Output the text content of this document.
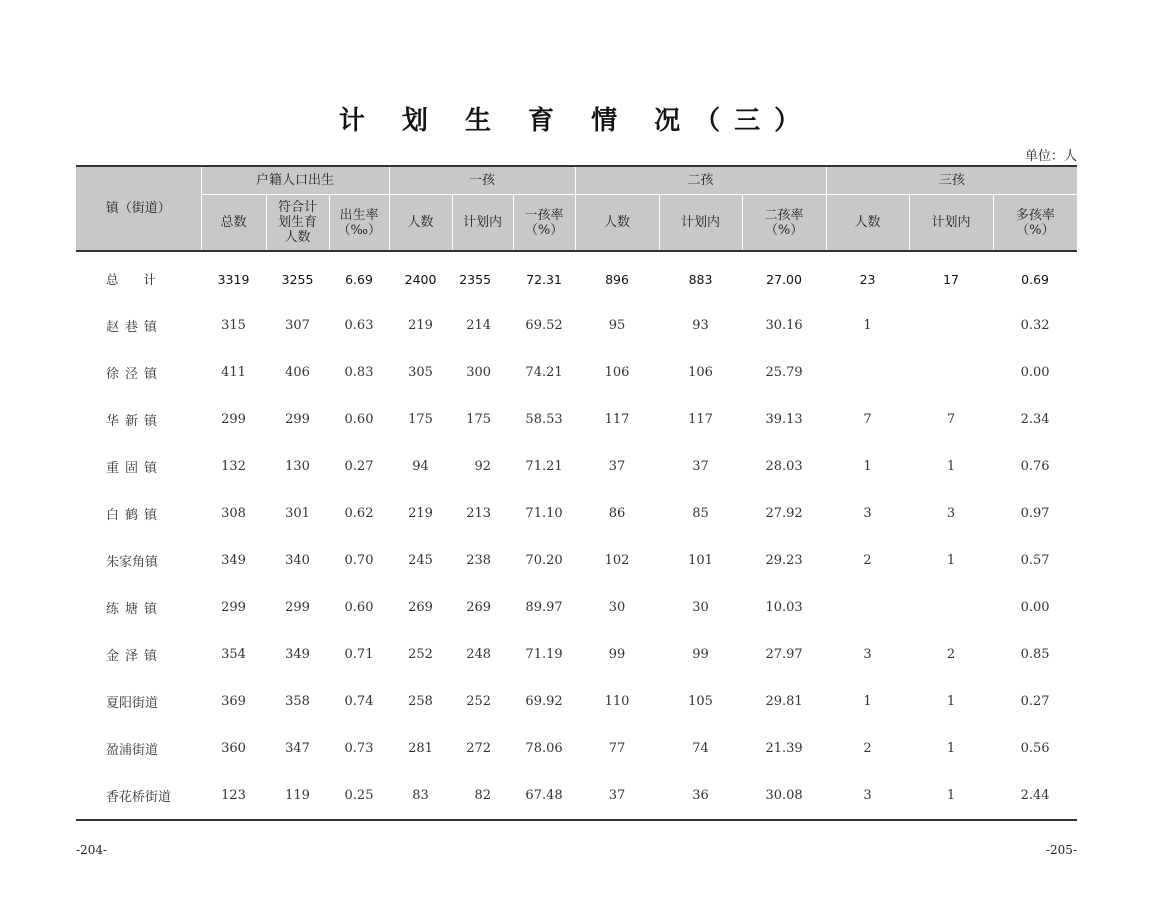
计 划 生 育 情 况（三）
单位：人
镇（街道）	户籍人口出生			一孩			二孩			三孩		
	总数	符合计划生育人数	出生率（‰）	人数	计划内	一孩率（%）	人数	计划内	二孩率（%）	人数	计划内	多孩率（%）
总　　计	3319	3255	6.69	2400	2355	72.31	896	883	27.00	23	17	0.69
赵巷镇	315	307	0.63	219	214	69.52	95	93	30.16	1		0.32
徐泾镇	411	406	0.83	305	300	74.21	106	106	25.79			0.00
华新镇	299	299	0.60	175	175	58.53	117	117	39.13	7	7	2.34
重固镇	132	130	0.27	94	92	71.21	37	37	28.03	1	1	0.76
白鹤镇	308	301	0.62	219	213	71.10	86	85	27.92	3	3	0.97
朱家角镇	349	340	0.70	245	238	70.20	102	101	29.23	2	1	0.57
练塘镇	299	299	0.60	269	269	89.97	30	30	10.03			0.00
金泽镇	354	349	0.71	252	248	71.19	99	99	27.97	3	2	0.85
夏阳街道	369	358	0.74	258	252	69.92	110	105	29.81	1	1	0.27
盈浦街道	360	347	0.73	281	272	78.06	77	74	21.39	2	1	0.56
香花桥街道	123	119	0.25	83	82	67.48	37	36	30.08	3	1	2.44
-204-	-205-
